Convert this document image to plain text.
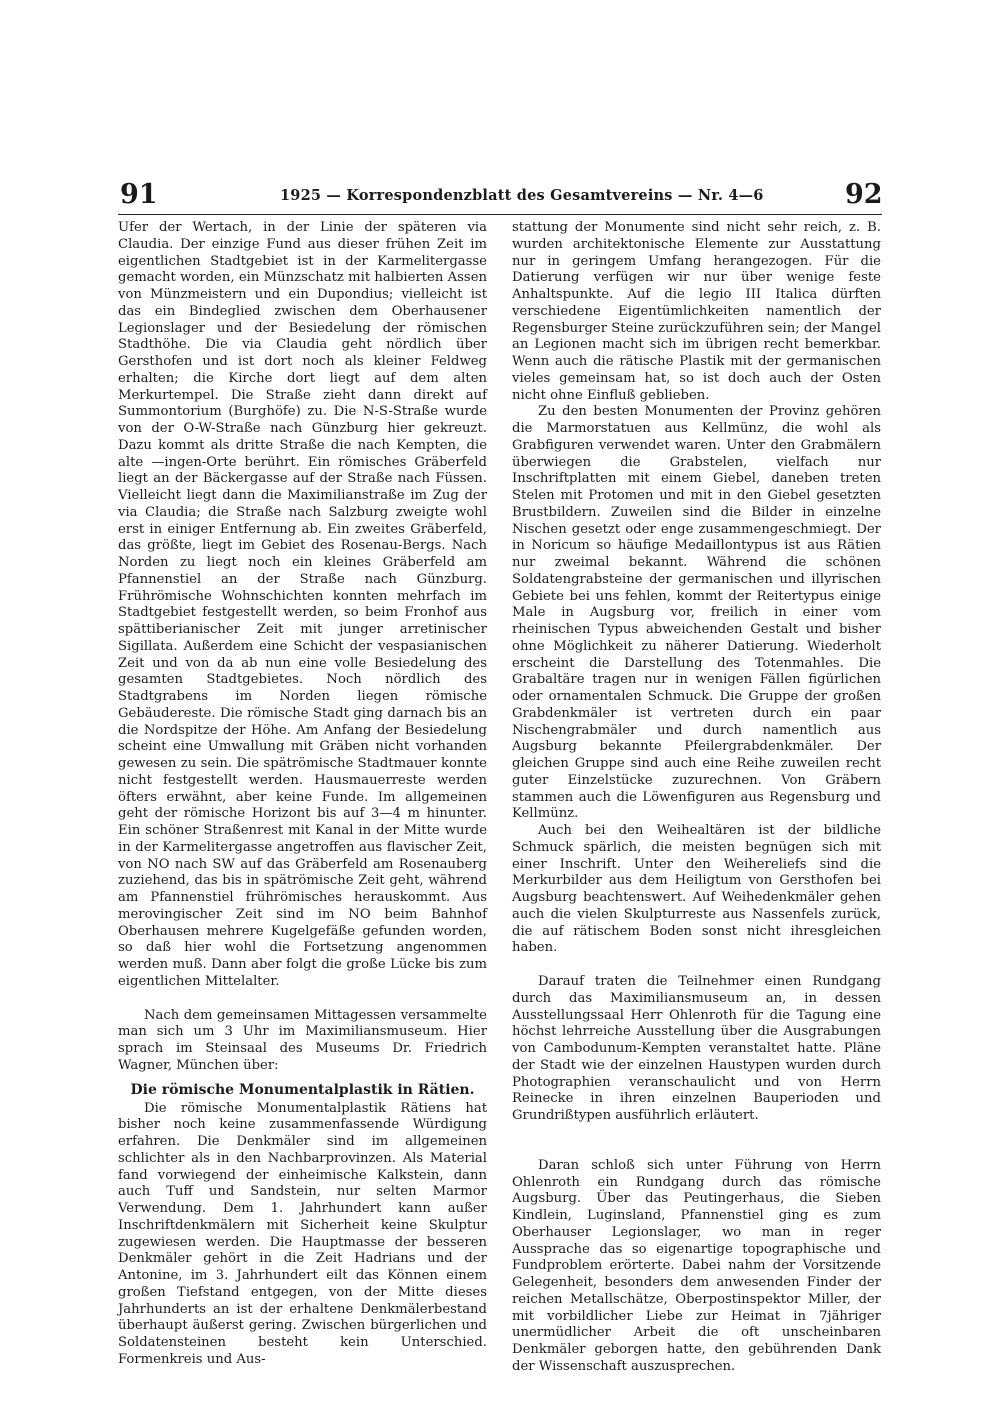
91	1925 — Korrespondenzblatt des Gesamtvereins — Nr. 4—6	92

Ufer der Wertach, in der Linie der späteren via Claudia. Der einzige Fund aus dieser frühen Zeit im eigentlichen Stadtgebiet ist in der Karmelitergasse gemacht worden, ein Münzschatz mit halbierten Assen von Münzmeistern und ein Dupondius; vielleicht ist das ein Bindeglied zwischen dem Oberhausener Legionslager und der Besiedelung der römischen Stadthöhe. Die via Claudia geht nördlich über Gersthofen und ist dort noch als kleiner Feldweg erhalten; die Kirche dort liegt auf dem alten Merkurtempel. Die Straße zieht dann direkt auf Summontorium (Burghöfe) zu. Die N-S-Straße wurde von der O-W-Straße nach Günzburg hier gekreuzt. Dazu kommt als dritte Straße die nach Kempten, die alte —ingen-Orte berührt. Ein römisches Gräberfeld liegt an der Bäckergasse auf der Straße nach Füssen. Vielleicht liegt dann die Maximilianstraße im Zug der via Claudia; die Straße nach Salzburg zweigte wohl erst in einiger Entfernung ab. Ein zweites Gräberfeld, das größte, liegt im Gebiet des Rosenau-Bergs. Nach Norden zu liegt noch ein kleines Gräberfeld am Pfannenstiel an der Straße nach Günzburg. Frührömische Wohnschichten konnten mehrfach im Stadtgebiet festgestellt werden, so beim Fronhof aus spättiberianischer Zeit mit junger arretinischer Sigillata. Außerdem eine Schicht der vespasianischen Zeit und von da ab nun eine volle Besiedelung des gesamten Stadtgebietes. Noch nördlich des Stadtgrabens im Norden liegen römische Gebäudereste. Die römische Stadt ging darnach bis an die Nordspitze der Höhe. Am Anfang der Besiedelung scheint eine Umwallung mit Gräben nicht vorhanden gewesen zu sein. Die spätrömische Stadtmauer konnte nicht festgestellt werden. Hausmauerreste werden öfters erwähnt, aber keine Funde. Im allgemeinen geht der römische Horizont bis auf 3—4 m hinunter. Ein schöner Straßenrest mit Kanal in der Mitte wurde in der Karmelitergasse angetroffen aus flavischer Zeit, von NO nach SW auf das Gräberfeld am Rosenauberg zuziehend, das bis in spätrömische Zeit geht, während am Pfannenstiel frührömisches herauskommt. Aus merovingischer Zeit sind im NO beim Bahnhof Oberhausen mehrere Kugelgefäße gefunden worden, so daß hier wohl die Fortsetzung angenommen werden muß. Dann aber folgt die große Lücke bis zum eigentlichen Mittelalter.

Nach dem gemeinsamen Mittagessen versammelte man sich um 3 Uhr im Maximiliansmuseum. Hier sprach im Steinsaal des Museums Dr. Friedrich Wagner, München über:

Die römische Monumentalplastik in Rätien.

Die römische Monumentalplastik Rätiens hat bisher noch keine zusammenfassende Würdigung erfahren. Die Denkmäler sind im allgemeinen schlichter als in den Nachbarprovinzen. Als Material fand vorwiegend der einheimische Kalkstein, dann auch Tuff und Sandstein, nur selten Marmor Verwendung. Dem 1. Jahrhundert kann außer Inschriftdenkmälern mit Sicherheit keine Skulptur zugewiesen werden. Die Hauptmasse der besseren Denkmäler gehört in die Zeit Hadrians und der Antonine, im 3. Jahrhundert eilt das Können einem großen Tiefstand entgegen, von der Mitte dieses Jahrhunderts an ist der erhaltene Denkmälerbestand überhaupt äußerst gering. Zwischen bürgerlichen und Soldatensteinen besteht kein Unterschied. Formenkreis und Aus-

stattung der Monumente sind nicht sehr reich, z. B. wurden architektonische Elemente zur Ausstattung nur in geringem Umfang herangezogen. Für die Datierung verfügen wir nur über wenige feste Anhaltspunkte. Auf die legio III Italica dürften verschiedene Eigentümlichkeiten namentlich der Regensburger Steine zurückzuführen sein; der Mangel an Legionen macht sich im übrigen recht bemerkbar. Wenn auch die rätische Plastik mit der germanischen vieles gemeinsam hat, so ist doch auch der Osten nicht ohne Einfluß geblieben.

Zu den besten Monumenten der Provinz gehören die Marmorstatuen aus Kellmünz, die wohl als Grabfiguren verwendet waren. Unter den Grabmälern überwiegen die Grabstelen, vielfach nur Inschriftplatten mit einem Giebel, daneben treten Stelen mit Protomen und mit in den Giebel gesetzten Brustbildern. Zuweilen sind die Bilder in einzelne Nischen gesetzt oder enge zusammengeschmiegt. Der in Noricum so häufige Medaillontypus ist aus Rätien nur zweimal bekannt. Während die schönen Soldatengrabsteine der germanischen und illyrischen Gebiete bei uns fehlen, kommt der Reitertypus einige Male in Augsburg vor, freilich in einer vom rheinischen Typus abweichenden Gestalt und bisher ohne Möglichkeit zu näherer Datierung. Wiederholt erscheint die Darstellung des Totenmahles. Die Grabaltäre tragen nur in wenigen Fällen figürlichen oder ornamentalen Schmuck. Die Gruppe der großen Grabdenkmäler ist vertreten durch ein paar Nischengrabmäler und durch namentlich aus Augsburg bekannte Pfeilergrabdenkmäler. Der gleichen Gruppe sind auch eine Reihe zuweilen recht guter Einzelstücke zuzurechnen. Von Gräbern stammen auch die Löwenfiguren aus Regensburg und Kellmünz.

Auch bei den Weihealtären ist der bildliche Schmuck spärlich, die meisten begnügen sich mit einer Inschrift. Unter den Weihereliefs sind die Merkurbilder aus dem Heiligtum von Gersthofen bei Augsburg beachtenswert. Auf Weihedenkmäler gehen auch die vielen Skulpturreste aus Nassenfels zurück, die auf rätischem Boden sonst nicht ihresgleichen haben.

Darauf traten die Teilnehmer einen Rundgang durch das Maximiliansmuseum an, in dessen Ausstellungssaal Herr Ohlenroth für die Tagung eine höchst lehrreiche Ausstellung über die Ausgrabungen von Cambodunum-Kempten veranstaltet hatte. Pläne der Stadt wie der einzelnen Haustypen wurden durch Photographien veranschaulicht und von Herrn Reinecke in ihren einzelnen Bauperioden und Grundrißtypen ausführlich erläutert.

Daran schloß sich unter Führung von Herrn Ohlenroth ein Rundgang durch das römische Augsburg. Über das Peutingerhaus, die Sieben Kindlein, Luginsland, Pfannenstiel ging es zum Oberhauser Legionslager, wo man in reger Aussprache das so eigenartige topographische und Fundproblem erörterte. Dabei nahm der Vorsitzende Gelegenheit, besonders dem anwesenden Finder der reichen Metallschätze, Oberpostinspektor Miller, der mit vorbildlicher Liebe zur Heimat in 7jähriger unermüdlicher Arbeit die oft unscheinbaren Denkmäler geborgen hatte, den gebührenden Dank der Wissenschaft auszusprechen.
